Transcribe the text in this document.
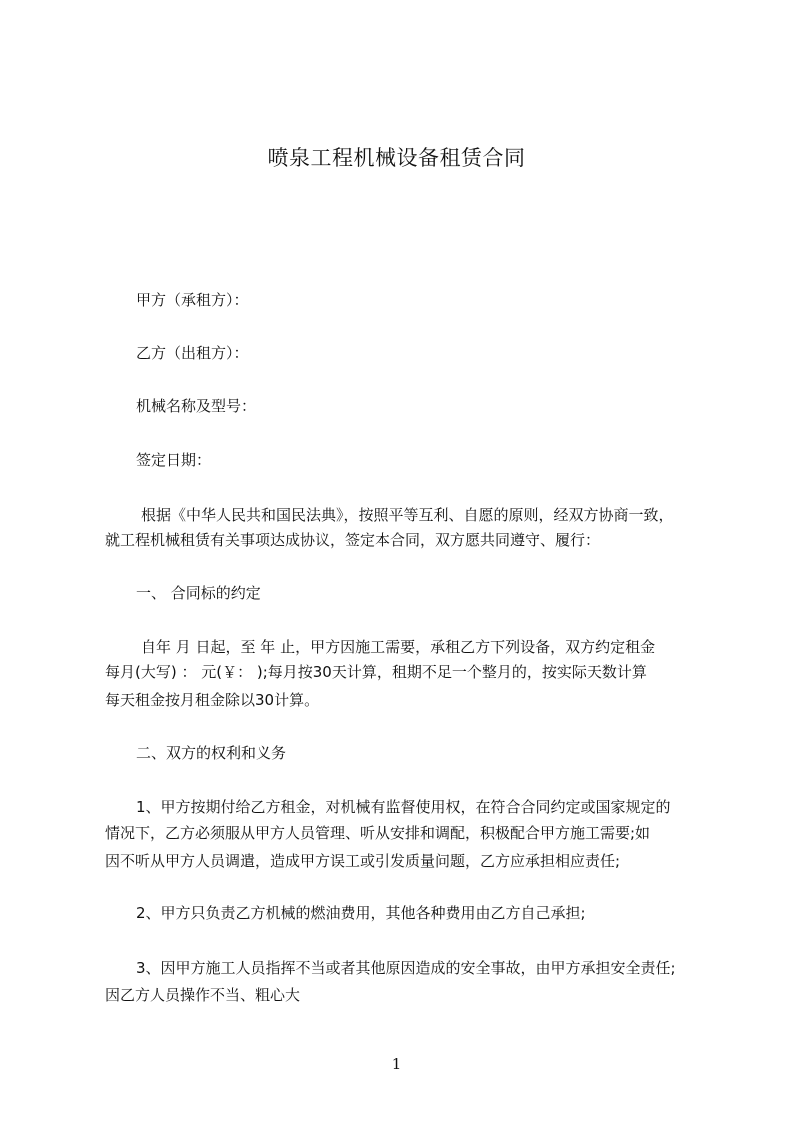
喷泉工程机械设备租赁合同
甲方（承租方）：
乙方（出租方）：
机械名称及型号：
签定日期：
根据《中华人民共和国民法典》，按照平等互利、自愿的原则，经双方协商一致，
就工程机械租赁有关事项达成协议，签定本合同，双方愿共同遵守、履行：
一、 合同标的约定
自年 月 日起，至 年 止，甲方因施工需要，承租乙方下列设备，双方约定租金
每月(大写) ： 元(￥： );每月按30天计算，租期不足一个整月的，按实际天数计算
每天租金按月租金除以30计算。
二、双方的权利和义务
1、甲方按期付给乙方租金，对机械有监督使用权，在符合合同约定或国家规定的
情况下，乙方必须服从甲方人员管理、听从安排和调配，积极配合甲方施工需要;如
因不听从甲方人员调遣，造成甲方误工或引发质量问题，乙方应承担相应责任;
2、甲方只负责乙方机械的燃油费用，其他各种费用由乙方自己承担;
3、因甲方施工人员指挥不当或者其他原因造成的安全事故，由甲方承担安全责任;
因乙方人员操作不当、粗心大
1
